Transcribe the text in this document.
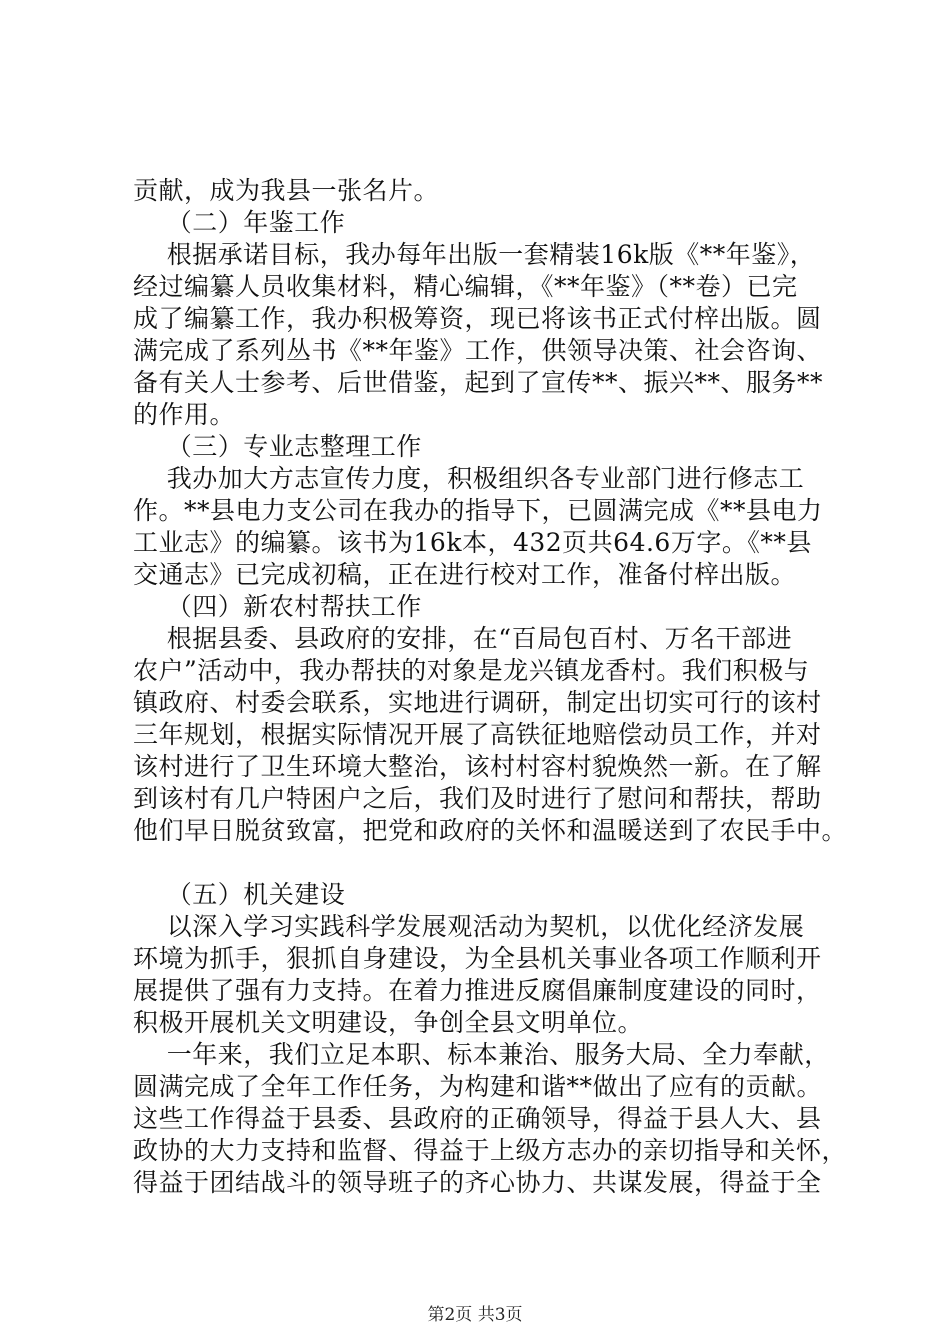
贡献，成为我县一张名片。
（二）年鉴工作
根据承诺目标，我办每年出版一套精装16k版《**年鉴》，
经过编纂人员收集材料，精心编辑，《**年鉴》（**卷）已完
成了编纂工作，我办积极筹资，现已将该书正式付梓出版。圆
满完成了系列丛书《**年鉴》工作，供领导决策、社会咨询、
备有关人士参考、后世借鉴，起到了宣传**、振兴**、服务**
的作用。
（三）专业志整理工作
我办加大方志宣传力度，积极组织各专业部门进行修志工
作。**县电力支公司在我办的指导下，已圆满完成《**县电力
工业志》的编纂。该书为16k本，432页共64.6万字。《**县
交通志》已完成初稿，正在进行校对工作，准备付梓出版。
（四）新农村帮扶工作
根据县委、县政府的安排，在“百局包百村、万名干部进
农户”活动中，我办帮扶的对象是龙兴镇龙香村。我们积极与
镇政府、村委会联系，实地进行调研，制定出切实可行的该村
三年规划，根据实际情况开展了高铁征地赔偿动员工作，并对
该村进行了卫生环境大整治，该村村容村貌焕然一新。在了解
到该村有几户特困户之后，我们及时进行了慰问和帮扶，帮助
他们早日脱贫致富，把党和政府的关怀和温暖送到了农民手中。
（五）机关建设
以深入学习实践科学发展观活动为契机，以优化经济发展
环境为抓手，狠抓自身建设，为全县机关事业各项工作顺利开
展提供了强有力支持。在着力推进反腐倡廉制度建设的同时，
积极开展机关文明建设，争创全县文明单位。
一年来，我们立足本职、标本兼治、服务大局、全力奉献，
圆满完成了全年工作任务，为构建和谐**做出了应有的贡献。
这些工作得益于县委、县政府的正确领导，得益于县人大、县
政协的大力支持和监督、得益于上级方志办的亲切指导和关怀，
得益于团结战斗的领导班子的齐心协力、共谋发展，得益于全
第2页 共3页
